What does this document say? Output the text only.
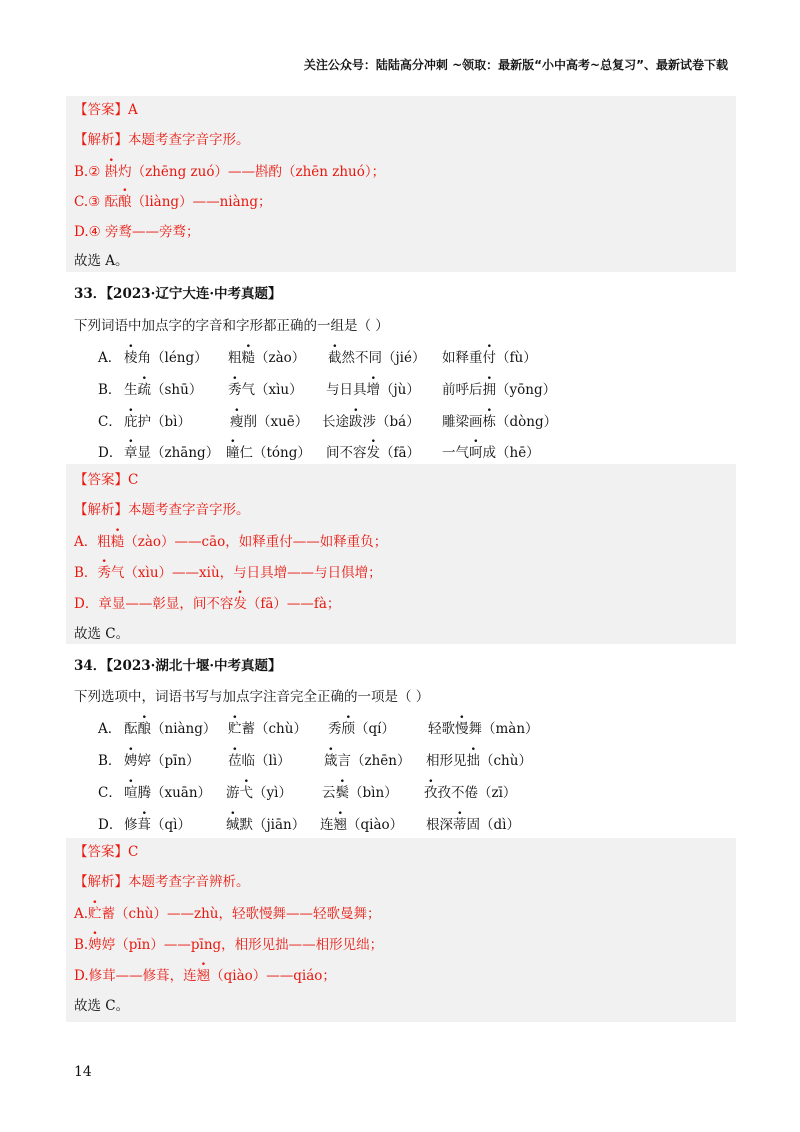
关注公众号：陆陆高分冲刺 ~领取：最新版“小中高考~总复习”、最新试卷下载
【答案】A
【解析】本题考查字音字形。
B.② 斟灼（zhēng zuó）——斟酌（zhēn zhuó）；
C.③ 酝酿（liàng）——niàng；
D.④ 旁鹜——旁骛；
故选 A。
33．【2023·辽宁大连·中考真题】
下列词语中加点字的字音和字形都正确的一组是（ ）
A． 棱角（léng） 粗糙（zào） 截然不同（jié） 如释重付（fù）
B． 生疏（shū） 秀气（xìu） 与日具增（jù） 前呼后拥（yōng）
C． 庇护（bì）	瘦削（xuē） 长途跋涉（bá） 雕梁画栋（dòng）
D． 章显（zhāng） 瞳仁（tóng） 间不容发（fā） 一气呵成（hē）
【答案】C
【解析】本题考查字音字形。
A．粗糙（zào）——cāo，如释重付——如释重负；
B．秀气（xìu）——xiù，与日具增——与日俱增；
D．章显——彰显，间不容发（fā）——fà；
故选 C。
34．【2023·湖北十堰·中考真题】
下列选项中，词语书写与加点字注音完全正确的一项是（ ）
A． 酝酿（niàng） 贮蓄（chù） 秀颀（qí） 轻歌慢舞（màn）
B． 娉婷（pīn） 莅临（lì） 箴言（zhēn） 相形见拙（chù）
C． 喧腾（xuān） 游弋（yì） 云鬓（bìn） 孜孜不倦（zī）
D． 修葺（qì）	缄默（jiān） 连翘（qiào） 根深蒂固（dì）
【答案】C
【解析】本题考查字音辨析。
A.贮蓄（chù）——zhù，轻歌慢舞——轻歌曼舞；
B.娉婷（pīn）——pīng，相形见拙——相形见绌；
D.修茸——修葺，连翘（qiào）——qiáo；
故选 C。
14
